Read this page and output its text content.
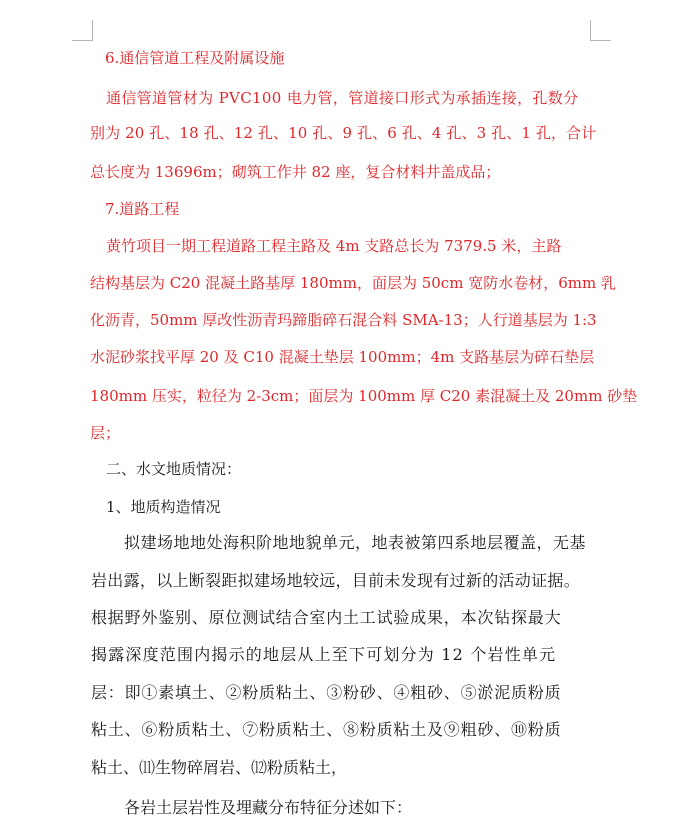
6.通信管道工程及附属设施
通信管道管材为 PVC100 电力管，管道接口形式为承插连接，孔数分
别为 20 孔、18 孔、12 孔、10 孔、9 孔、6 孔、4 孔、3 孔、1 孔，合计
总长度为 13696m；砌筑工作井 82 座，复合材料井盖成品；
7.道路工程
黄竹项目一期工程道路工程主路及 4m 支路总长为 7379.5 米，主路
结构基层为 C20 混凝土路基厚 180mm，面层为 50cm 宽防水卷材，6mm 乳
化沥青，50mm 厚改性沥青玛蹄脂碎石混合料 SMA-13；人行道基层为 1:3
水泥砂浆找平厚 20 及 C10 混凝土垫层 100mm；4m 支路基层为碎石垫层
180mm 压实，粒径为 2-3cm；面层为 100mm 厚 C20 素混凝土及 20mm 砂垫
层；
二、水文地质情况：
1、地质构造情况
拟建场地地处海积阶地地貌单元，地表被第四系地层覆盖，无基
岩出露，以上断裂距拟建场地较远，目前未发现有过新的活动证据。
根据野外鉴别、原位测试结合室内土工试验成果，本次钻探最大
揭露深度范围内揭示的地层从上至下可划分为 12 个岩性单元
层：即①素填土、②粉质粘土、③粉砂、④粗砂、⑤淤泥质粉质
粘土、⑥粉质粘土、⑦粉质粘土、⑧粉质粘土及⑨粗砂、⑩粉质
粘土、⑾生物碎屑岩、⑿粉质粘土，
各岩土层岩性及埋藏分布特征分述如下：
